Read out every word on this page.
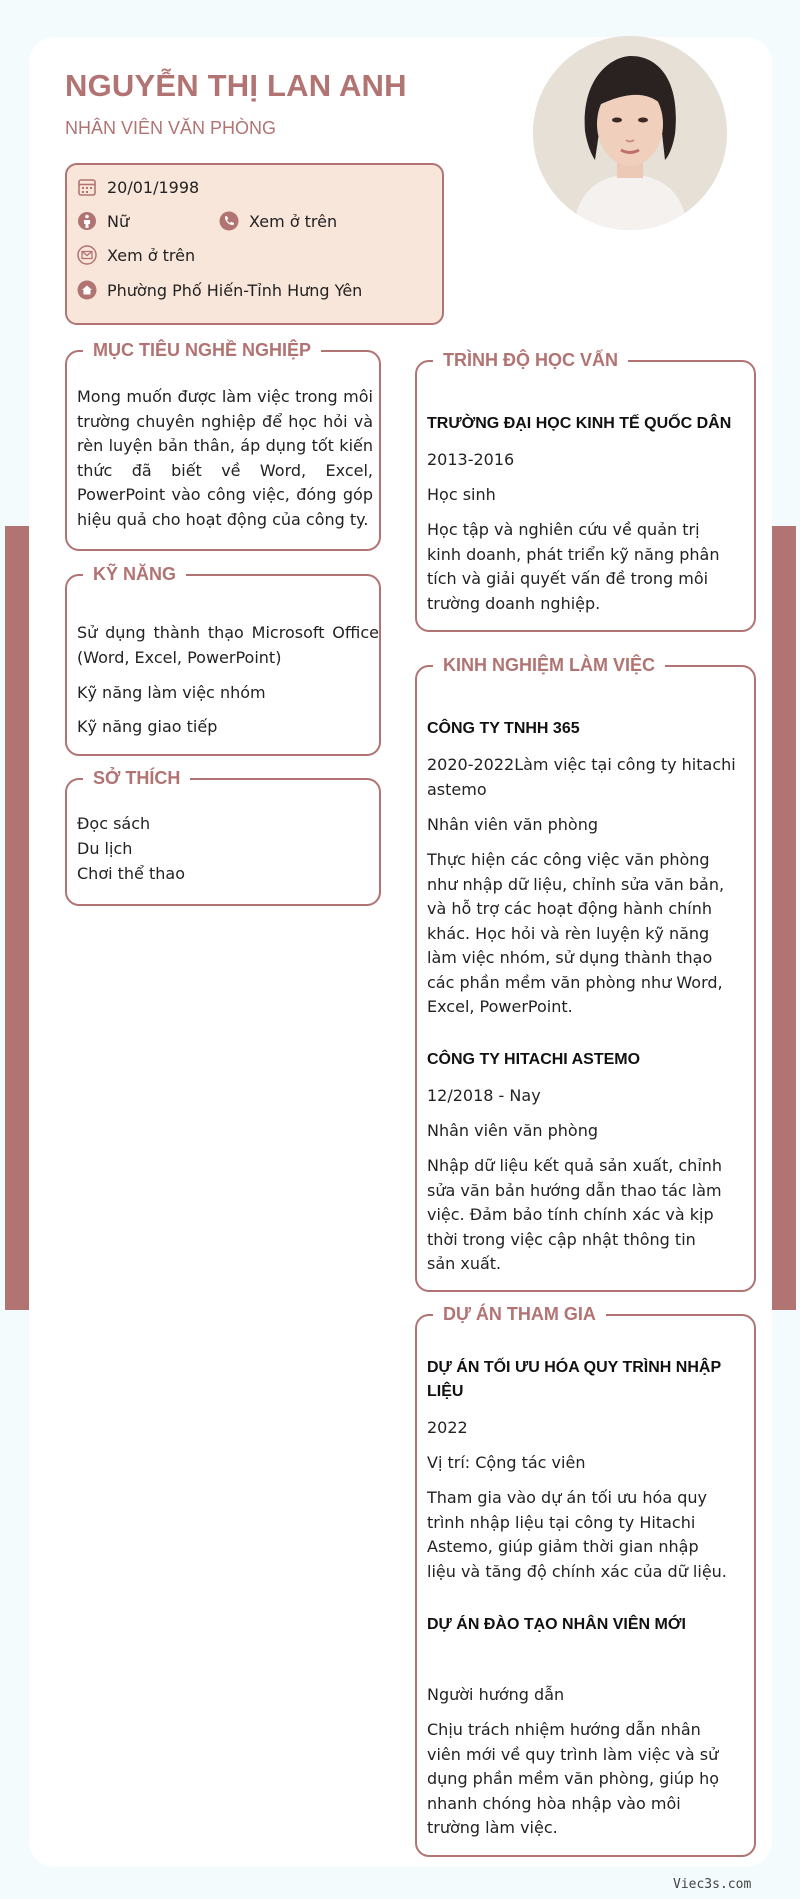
NGUYỄN THỊ LAN ANH
NHÂN VIÊN VĂN PHÒNG
20/01/1998
Nữ	Xem ở trên
Xem ở trên
Phường Phố Hiến-Tỉnh Hưng Yên
MỤC TIÊU NGHỀ NGHIỆP
Mong muốn được làm việc trong môi trường chuyên nghiệp để học hỏi và rèn luyện bản thân, áp dụng tốt kiến thức đã biết về Word, Excel, PowerPoint vào công việc, đóng góp hiệu quả cho hoạt động của công ty.
KỸ NĂNG
Sử dụng thành thạo Microsoft Office (Word, Excel, PowerPoint)
Kỹ năng làm việc nhóm
Kỹ năng giao tiếp
SỞ THÍCH
Đọc sách
Du lịch
Chơi thể thao
TRÌNH ĐỘ HỌC VẤN
TRƯỜNG ĐẠI HỌC KINH TẾ QUỐC DÂN
2013-2016
Học sinh
Học tập và nghiên cứu về quản trị kinh doanh, phát triển kỹ năng phân tích và giải quyết vấn đề trong môi trường doanh nghiệp.
KINH NGHIỆM LÀM VIỆC
CÔNG TY TNHH 365
2020-2022Làm việc tại công ty hitachi astemo
Nhân viên văn phòng
Thực hiện các công việc văn phòng như nhập dữ liệu, chỉnh sửa văn bản, và hỗ trợ các hoạt động hành chính khác. Học hỏi và rèn luyện kỹ năng làm việc nhóm, sử dụng thành thạo các phần mềm văn phòng như Word, Excel, PowerPoint.
CÔNG TY HITACHI ASTEMO
12/2018 - Nay
Nhân viên văn phòng
Nhập dữ liệu kết quả sản xuất, chỉnh sửa văn bản hướng dẫn thao tác làm việc. Đảm bảo tính chính xác và kịp thời trong việc cập nhật thông tin sản xuất.
DỰ ÁN THAM GIA
DỰ ÁN TỐI ƯU HÓA QUY TRÌNH NHẬP LIỆU
2022
Vị trí: Cộng tác viên
Tham gia vào dự án tối ưu hóa quy trình nhập liệu tại công ty Hitachi Astemo, giúp giảm thời gian nhập liệu và tăng độ chính xác của dữ liệu.
DỰ ÁN ĐÀO TẠO NHÂN VIÊN MỚI
Người hướng dẫn
Chịu trách nhiệm hướng dẫn nhân viên mới về quy trình làm việc và sử dụng phần mềm văn phòng, giúp họ nhanh chóng hòa nhập vào môi trường làm việc.
Viec3s.com
